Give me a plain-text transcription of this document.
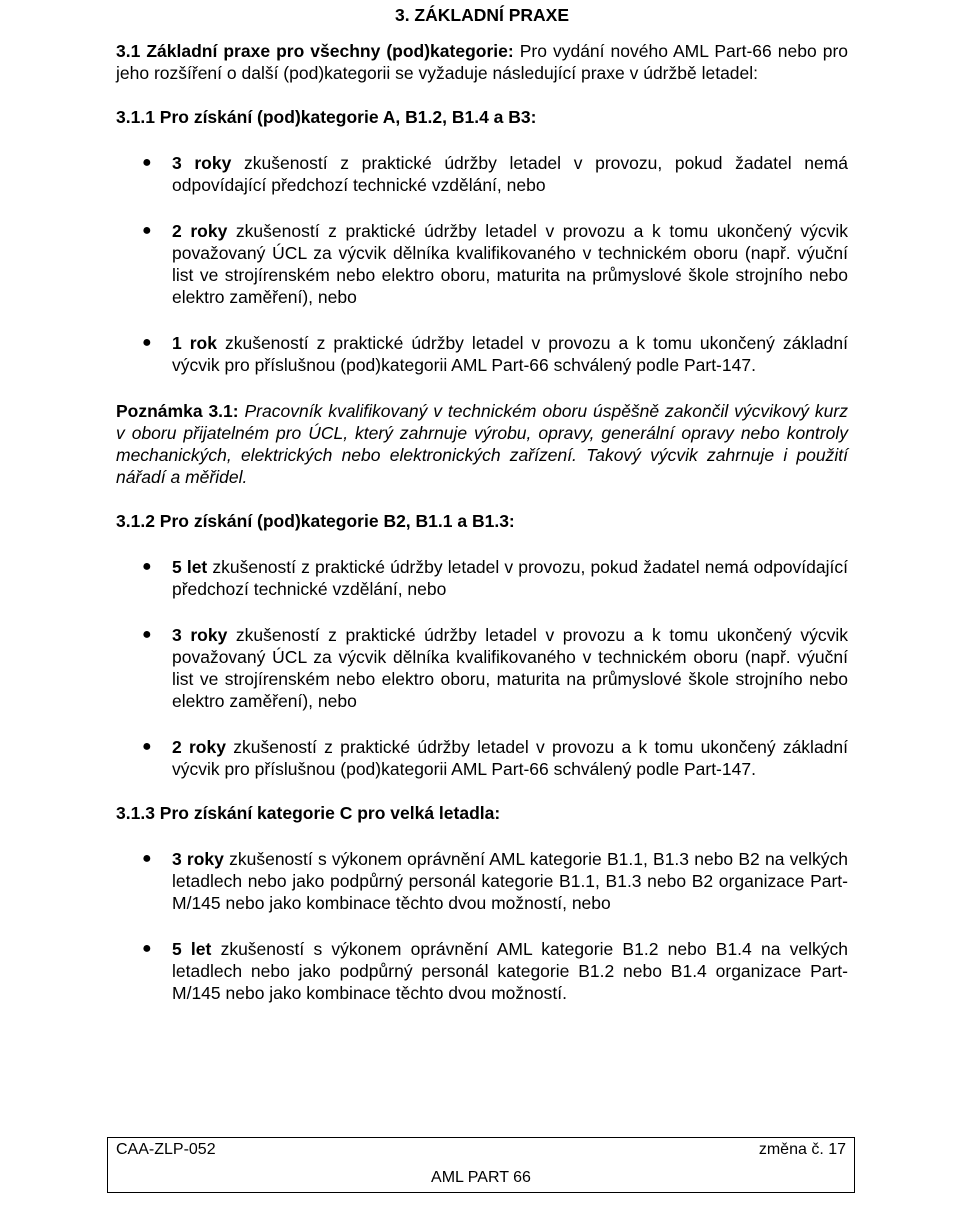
3. ZÁKLADNÍ PRAXE
3.1 Základní praxe pro všechny (pod)kategorie: Pro vydání nového AML Part-66 nebo pro jeho rozšíření o další (pod)kategorii se vyžaduje následující praxe v údržbě letadel:
3.1.1 Pro získání (pod)kategorie A, B1.2, B1.4 a B3:
● 3 roky zkušeností z praktické údržby letadel v provozu, pokud žadatel nemá odpovídající předchozí technické vzdělání, nebo
● 2 roky zkušeností z praktické údržby letadel v provozu a k tomu ukončený výcvik považovaný ÚCL za výcvik dělníka kvalifikovaného v technickém oboru (např. výuční list ve strojírenském nebo elektro oboru, maturita na průmyslové škole strojního nebo elektro zaměření), nebo
● 1 rok zkušeností z praktické údržby letadel v provozu a k tomu ukončený základní výcvik pro příslušnou (pod)kategorii AML Part-66 schválený podle Part-147.
Poznámka 3.1: Pracovník kvalifikovaný v technickém oboru úspěšně zakončil výcvikový kurz v oboru přijatelném pro ÚCL, který zahrnuje výrobu, opravy, generální opravy nebo kontroly mechanických, elektrických nebo elektronických zařízení. Takový výcvik zahrnuje i použití nářadí a měřidel.
3.1.2 Pro získání (pod)kategorie B2, B1.1 a B1.3:
● 5 let zkušeností z praktické údržby letadel v provozu, pokud žadatel nemá odpovídající předchozí technické vzdělání, nebo
● 3 roky zkušeností z praktické údržby letadel v provozu a k tomu ukončený výcvik považovaný ÚCL za výcvik dělníka kvalifikovaného v technickém oboru (např. výuční list ve strojírenském nebo elektro oboru, maturita na průmyslové škole strojního nebo elektro zaměření), nebo
● 2 roky zkušeností z praktické údržby letadel v provozu a k tomu ukončený základní výcvik pro příslušnou (pod)kategorii AML Part-66 schválený podle Part-147.
3.1.3 Pro získání kategorie C pro velká letadla:
● 3 roky zkušeností s výkonem oprávnění AML kategorie B1.1, B1.3 nebo B2 na velkých letadlech nebo jako podpůrný personál kategorie B1.1, B1.3 nebo B2 organizace Part-M/145 nebo jako kombinace těchto dvou možností, nebo
● 5 let zkušeností s výkonem oprávnění AML kategorie B1.2 nebo B1.4 na velkých letadlech nebo jako podpůrný personál kategorie B1.2 nebo B1.4 organizace Part-M/145 nebo jako kombinace těchto dvou možností.
CAA-ZLP-052	změna č. 17
AML PART 66
